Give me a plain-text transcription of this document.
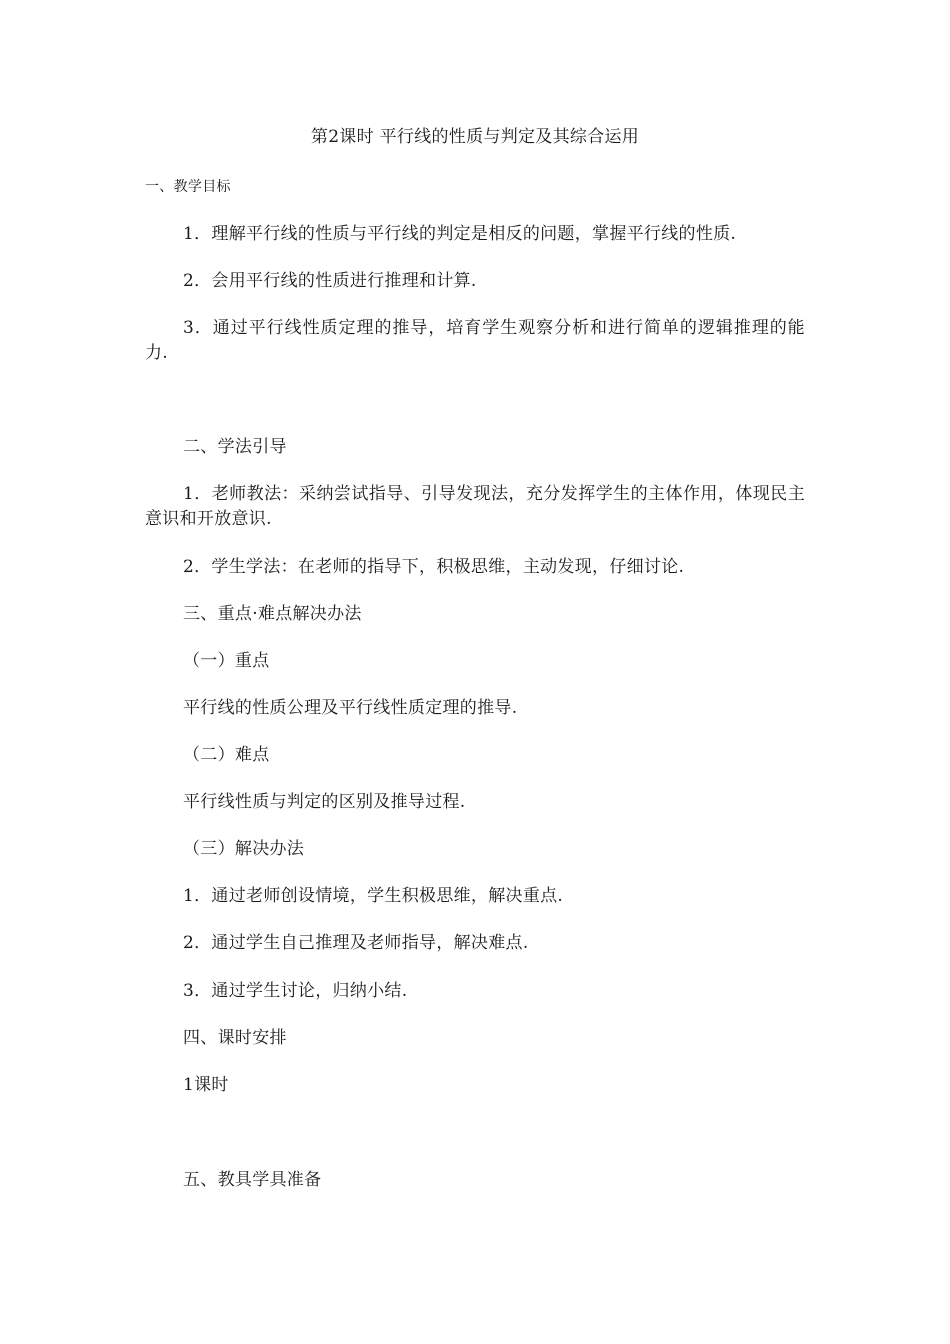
第2课时 平行线的性质与判定及其综合运用
一、教学目标
1．理解平行线的性质与平行线的判定是相反的问题，掌握平行线的性质.
2．会用平行线的性质进行推理和计算.
3．通过平行线性质定理的推导，培育学生观察分析和进行简单的逻辑推理的能力.
二、学法引导
1．老师教法：采纳尝试指导、引导发现法，充分发挥学生的主体作用，体现民主意识和开放意识.
2．学生学法：在老师的指导下，积极思维，主动发现，仔细讨论.
三、重点·难点解决办法
（一）重点
平行线的性质公理及平行线性质定理的推导.
（二）难点
平行线性质与判定的区别及推导过程.
（三）解决办法
1．通过老师创设情境，学生积极思维，解决重点.
2．通过学生自己推理及老师指导，解决难点.
3．通过学生讨论，归纳小结.
四、课时安排
1课时
五、教具学具准备
